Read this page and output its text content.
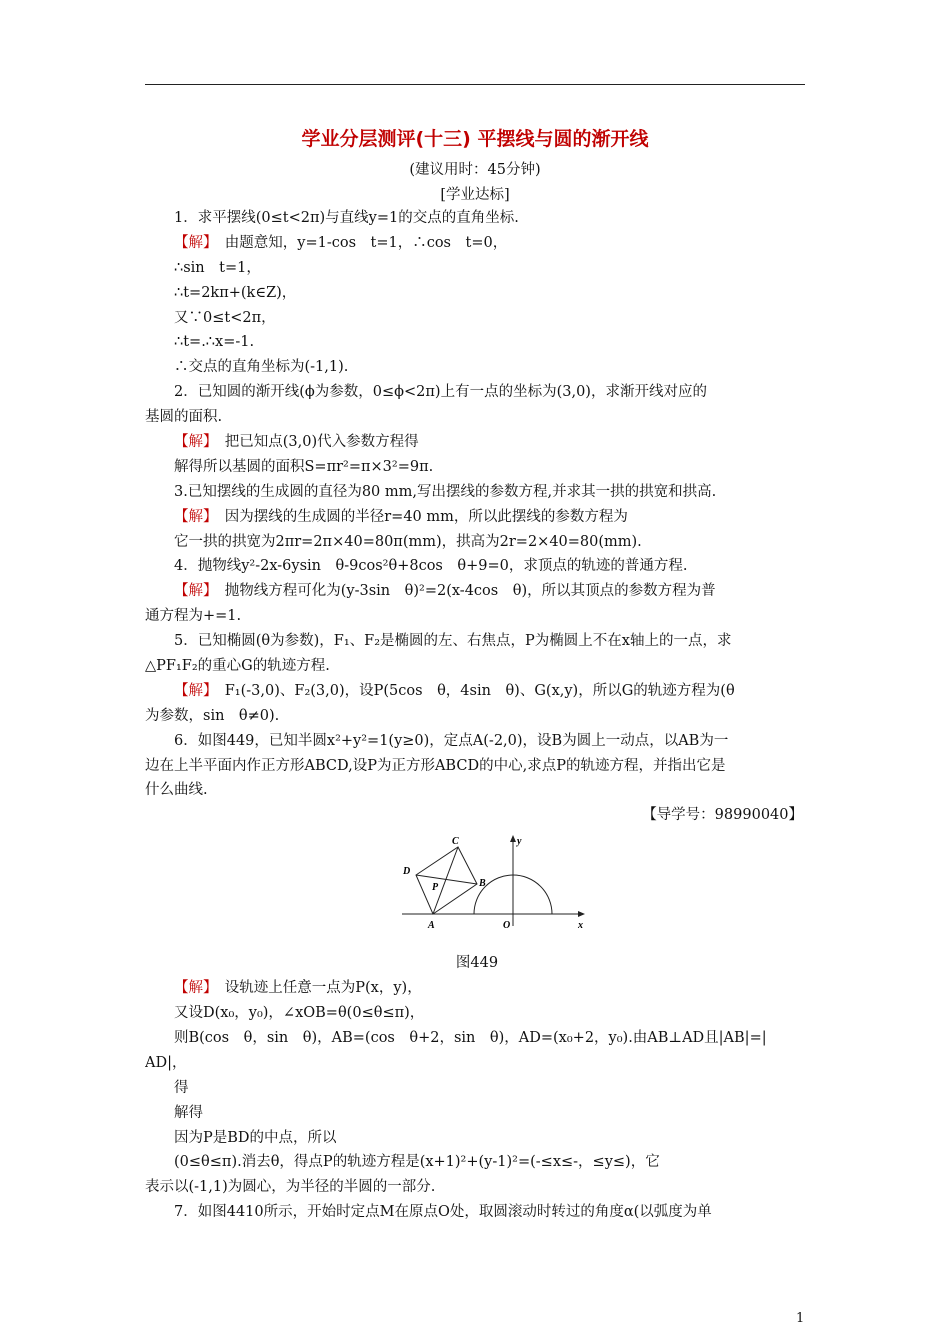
学业分层测评(十三) 平摆线与圆的渐开线
(建议用时：45分钟)
[学业达标]
1．求平摆线(0≤t<2π)与直线y=1的交点的直角坐标.
【解】　由题意知，y=1-cos　t=1，∴cos　t=0，
∴sin　t=1，
∴t=2kπ+(k∈Z)，
又∵0≤t<2π，
∴t=.∴x=-1.
∴交点的直角坐标为(-1,1).
2．已知圆的渐开线(ϕ为参数，0≤ϕ<2π)上有一点的坐标为(3,0)，求渐开线对应的
基圆的面积.
【解】　把已知点(3,0)代入参数方程得
解得所以基圆的面积S=πr²=π×3²=9π.
3.已知摆线的生成圆的直径为80 mm,写出摆线的参数方程,并求其一拱的拱宽和拱高.
【解】　因为摆线的生成圆的半径r=40 mm，所以此摆线的参数方程为
它一拱的拱宽为2πr=2π×40=80π(mm)，拱高为2r=2×40=80(mm).
4．抛物线y²-2x-6ysin　θ-9cos²θ+8cos　θ+9=0，求顶点的轨迹的普通方程.
【解】　抛物线方程可化为(y-3sin　θ)²=2(x-4cos　θ)，所以其顶点的参数方程为普
通方程为+=1.
5．已知椭圆(θ为参数)，F₁、F₂是椭圆的左、右焦点，P为椭圆上不在x轴上的一点，求
△PF₁F₂的重心G的轨迹方程.
【解】　F₁(-3,0)、F₂(3,0)，设P(5cos　θ，4sin　θ)、G(x,y)，所以G的轨迹方程为(θ
为参数，sin　θ≠0).
6．如图449，已知半圆x²+y²=1(y≥0)，定点A(-2,0)，设B为圆上一动点，以AB为一
边在上半平面内作正方形ABCD,设P为正方形ABCD的中心,求点P的轨迹方程，并指出它是
什么曲线.
【导学号：98990040】
C
D
P	B
A	O	x
y
图449
【解】　设轨迹上任意一点为P(x，y)，
又设D(x₀，y₀)，∠xOB=θ(0≤θ≤π)，
则B(cos　θ，sin　θ)，AB=(cos　θ+2，sin　θ)，AD=(x₀+2，y₀).由AB⊥AD且|AB|=|
AD|，
得
解得
因为P是BD的中点，所以
(0≤θ≤π).消去θ，得点P的轨迹方程是(x+1)²+(y-1)²=(-≤x≤-，≤y≤)，它
表示以(-1,1)为圆心，为半径的半圆的一部分.
7．如图4410所示，开始时定点M在原点O处，取圆滚动时转过的角度α(以弧度为单
1
